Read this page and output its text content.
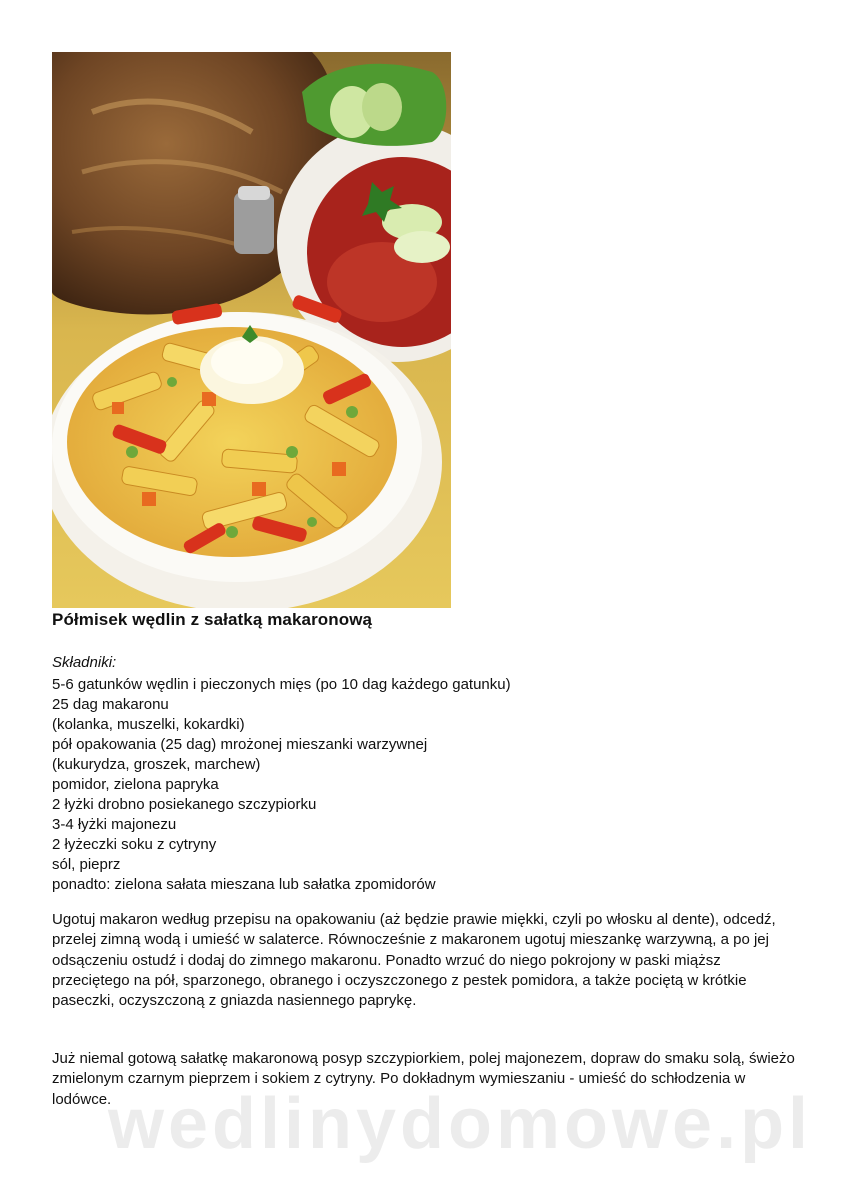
Półmisek wędlin z sałatką makaronową
Składniki:
5-6 gatunków wędlin i pieczonych mięs (po 10 dag każdego gatunku)
25 dag makaronu
(kolanka, muszelki, kokardki)
pół opakowania (25 dag) mrożonej mieszanki warzywnej
(kukurydza, groszek, marchew)
pomidor, zielona papryka
2 łyżki drobno posiekanego szczypiorku
3-4 łyżki majonezu
2 łyżeczki soku z cytryny
sól, pieprz
ponadto: zielona sałata mieszana lub sałatka zpomidorów

Ugotuj makaron według przepisu na opakowaniu (aż będzie prawie miękki, czyli po włosku al dente), odcedź, przelej zimną wodą i umieść w salaterce. Równocześnie z makaronem ugotuj mieszankę warzywną, a po jej odsączeniu ostudź i dodaj do zimnego makaronu. Ponadto wrzuć do niego pokrojony w paski miąższ przeciętego na pół, sparzonego, obranego i oczyszczonego z pestek pomidora, a także pociętą w krótkie paseczki, oczyszczoną z gniazda nasiennego paprykę.

Już niemal gotową sałatkę makaronową posyp szczypiorkiem, polej majonezem, dopraw do smaku solą, świeżo zmielonym czarnym pieprzem i sokiem z cytryny. Po dokładnym wymieszaniu - umieść do schłodzenia w lodówce.

wedlinydomowe.pl
